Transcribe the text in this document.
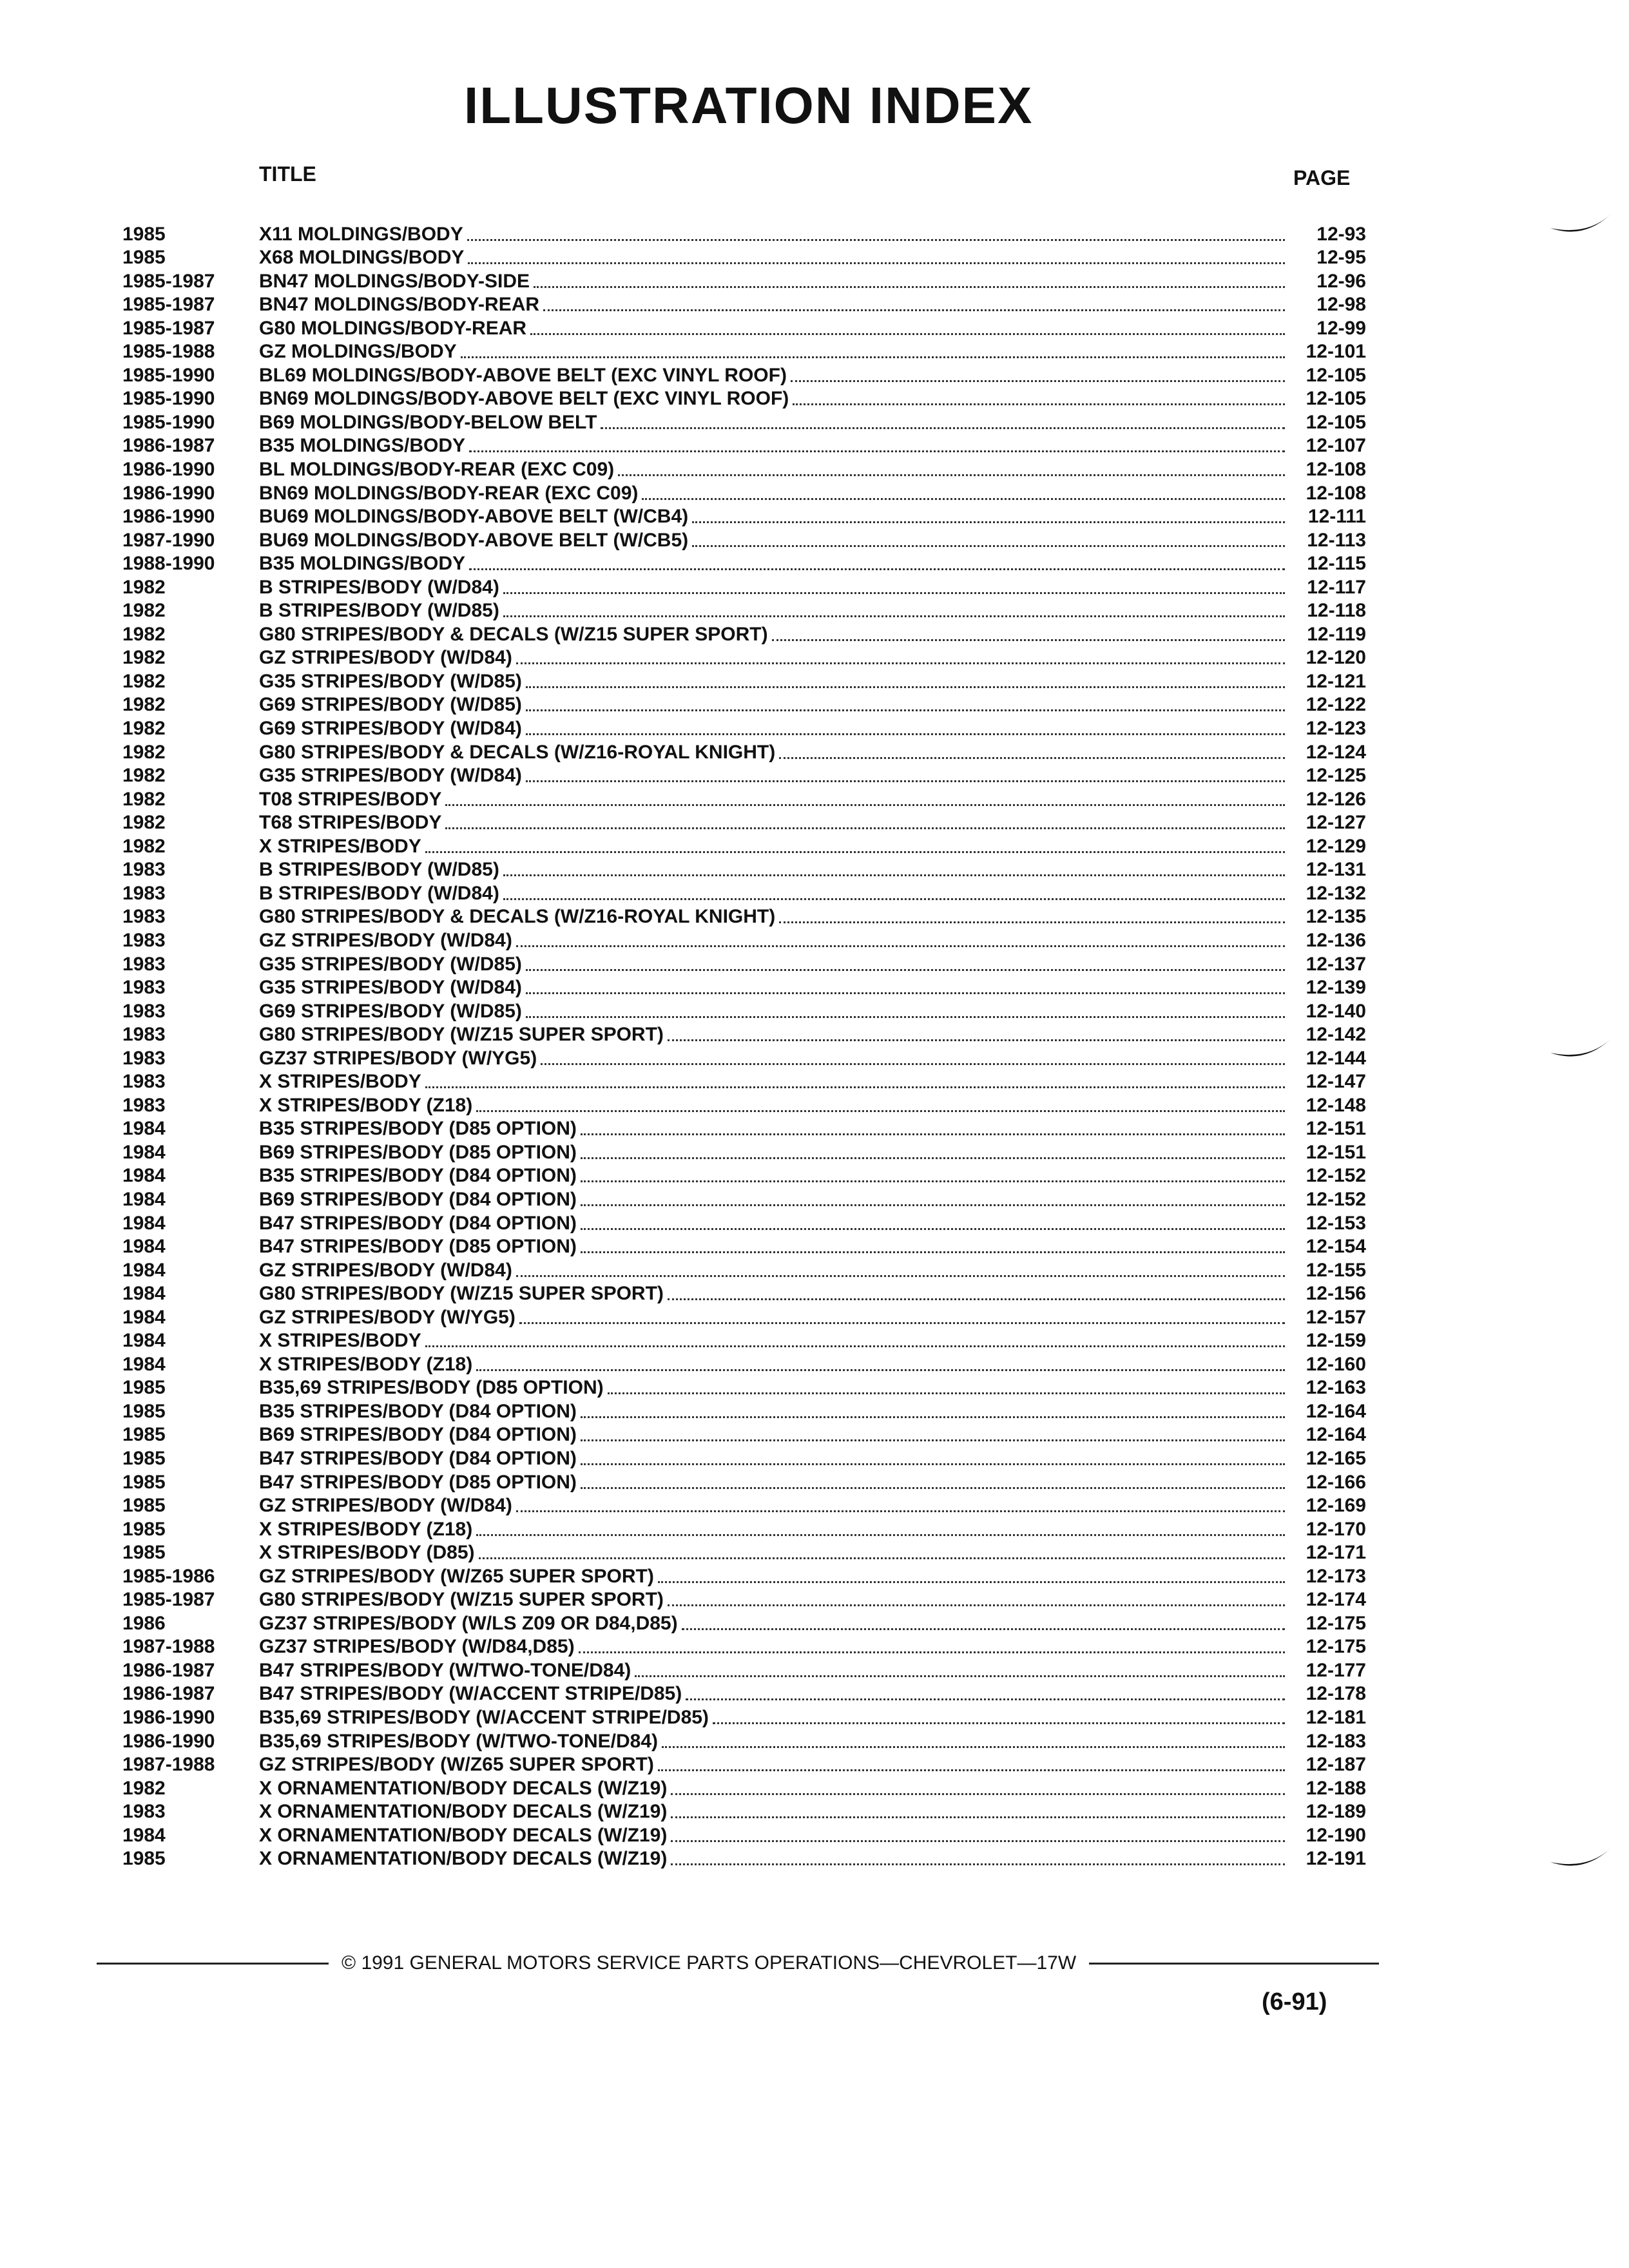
ILLUSTRATION INDEX
TITLE	PAGE
1985	X11 MOLDINGS/BODY	12-93
1985	X68 MOLDINGS/BODY	12-95
1985-1987	BN47 MOLDINGS/BODY-SIDE	12-96
1985-1987	BN47 MOLDINGS/BODY-REAR	12-98
1985-1987	G80 MOLDINGS/BODY-REAR	12-99
1985-1988	GZ MOLDINGS/BODY	12-101
1985-1990	BL69 MOLDINGS/BODY-ABOVE BELT (EXC VINYL ROOF)	12-105
1985-1990	BN69 MOLDINGS/BODY-ABOVE BELT (EXC VINYL ROOF)	12-105
1985-1990	B69 MOLDINGS/BODY-BELOW BELT	12-105
1986-1987	B35 MOLDINGS/BODY	12-107
1986-1990	BL MOLDINGS/BODY-REAR (EXC C09)	12-108
1986-1990	BN69 MOLDINGS/BODY-REAR (EXC C09)	12-108
1986-1990	BU69 MOLDINGS/BODY-ABOVE BELT (W/CB4)	12-111
1987-1990	BU69 MOLDINGS/BODY-ABOVE BELT (W/CB5)	12-113
1988-1990	B35 MOLDINGS/BODY	12-115
1982	B STRIPES/BODY (W/D84)	12-117
1982	B STRIPES/BODY (W/D85)	12-118
1982	G80 STRIPES/BODY & DECALS (W/Z15 SUPER SPORT)	12-119
1982	GZ STRIPES/BODY (W/D84)	12-120
1982	G35 STRIPES/BODY (W/D85)	12-121
1982	G69 STRIPES/BODY (W/D85)	12-122
1982	G69 STRIPES/BODY (W/D84)	12-123
1982	G80 STRIPES/BODY & DECALS (W/Z16-ROYAL KNIGHT)	12-124
1982	G35 STRIPES/BODY (W/D84)	12-125
1982	T08 STRIPES/BODY	12-126
1982	T68 STRIPES/BODY	12-127
1982	X STRIPES/BODY	12-129
1983	B STRIPES/BODY (W/D85)	12-131
1983	B STRIPES/BODY (W/D84)	12-132
1983	G80 STRIPES/BODY & DECALS (W/Z16-ROYAL KNIGHT)	12-135
1983	GZ STRIPES/BODY (W/D84)	12-136
1983	G35 STRIPES/BODY (W/D85)	12-137
1983	G35 STRIPES/BODY (W/D84)	12-139
1983	G69 STRIPES/BODY (W/D85)	12-140
1983	G80 STRIPES/BODY (W/Z15 SUPER SPORT)	12-142
1983	GZ37 STRIPES/BODY (W/YG5)	12-144
1983	X STRIPES/BODY	12-147
1983	X STRIPES/BODY (Z18)	12-148
1984	B35 STRIPES/BODY (D85 OPTION)	12-151
1984	B69 STRIPES/BODY (D85 OPTION)	12-151
1984	B35 STRIPES/BODY (D84 OPTION)	12-152
1984	B69 STRIPES/BODY (D84 OPTION)	12-152
1984	B47 STRIPES/BODY (D84 OPTION)	12-153
1984	B47 STRIPES/BODY (D85 OPTION)	12-154
1984	GZ STRIPES/BODY (W/D84)	12-155
1984	G80 STRIPES/BODY (W/Z15 SUPER SPORT)	12-156
1984	GZ STRIPES/BODY (W/YG5)	12-157
1984	X STRIPES/BODY	12-159
1984	X STRIPES/BODY (Z18)	12-160
1985	B35,69 STRIPES/BODY (D85 OPTION)	12-163
1985	B35 STRIPES/BODY (D84 OPTION)	12-164
1985	B69 STRIPES/BODY (D84 OPTION)	12-164
1985	B47 STRIPES/BODY (D84 OPTION)	12-165
1985	B47 STRIPES/BODY (D85 OPTION)	12-166
1985	GZ STRIPES/BODY (W/D84)	12-169
1985	X STRIPES/BODY (Z18)	12-170
1985	X STRIPES/BODY (D85)	12-171
1985-1986	GZ STRIPES/BODY (W/Z65 SUPER SPORT)	12-173
1985-1987	G80 STRIPES/BODY (W/Z15 SUPER SPORT)	12-174
1986	GZ37 STRIPES/BODY (W/LS Z09 OR D84,D85)	12-175
1987-1988	GZ37 STRIPES/BODY (W/D84,D85)	12-175
1986-1987	B47 STRIPES/BODY (W/TWO-TONE/D84)	12-177
1986-1987	B47 STRIPES/BODY (W/ACCENT STRIPE/D85)	12-178
1986-1990	B35,69 STRIPES/BODY (W/ACCENT STRIPE/D85)	12-181
1986-1990	B35,69 STRIPES/BODY (W/TWO-TONE/D84)	12-183
1987-1988	GZ STRIPES/BODY (W/Z65 SUPER SPORT)	12-187
1982	X ORNAMENTATION/BODY DECALS (W/Z19)	12-188
1983	X ORNAMENTATION/BODY DECALS (W/Z19)	12-189
1984	X ORNAMENTATION/BODY DECALS (W/Z19)	12-190
1985	X ORNAMENTATION/BODY DECALS (W/Z19)	12-191
© 1991 GENERAL MOTORS SERVICE PARTS OPERATIONS—CHEVROLET—17W
(6-91)
